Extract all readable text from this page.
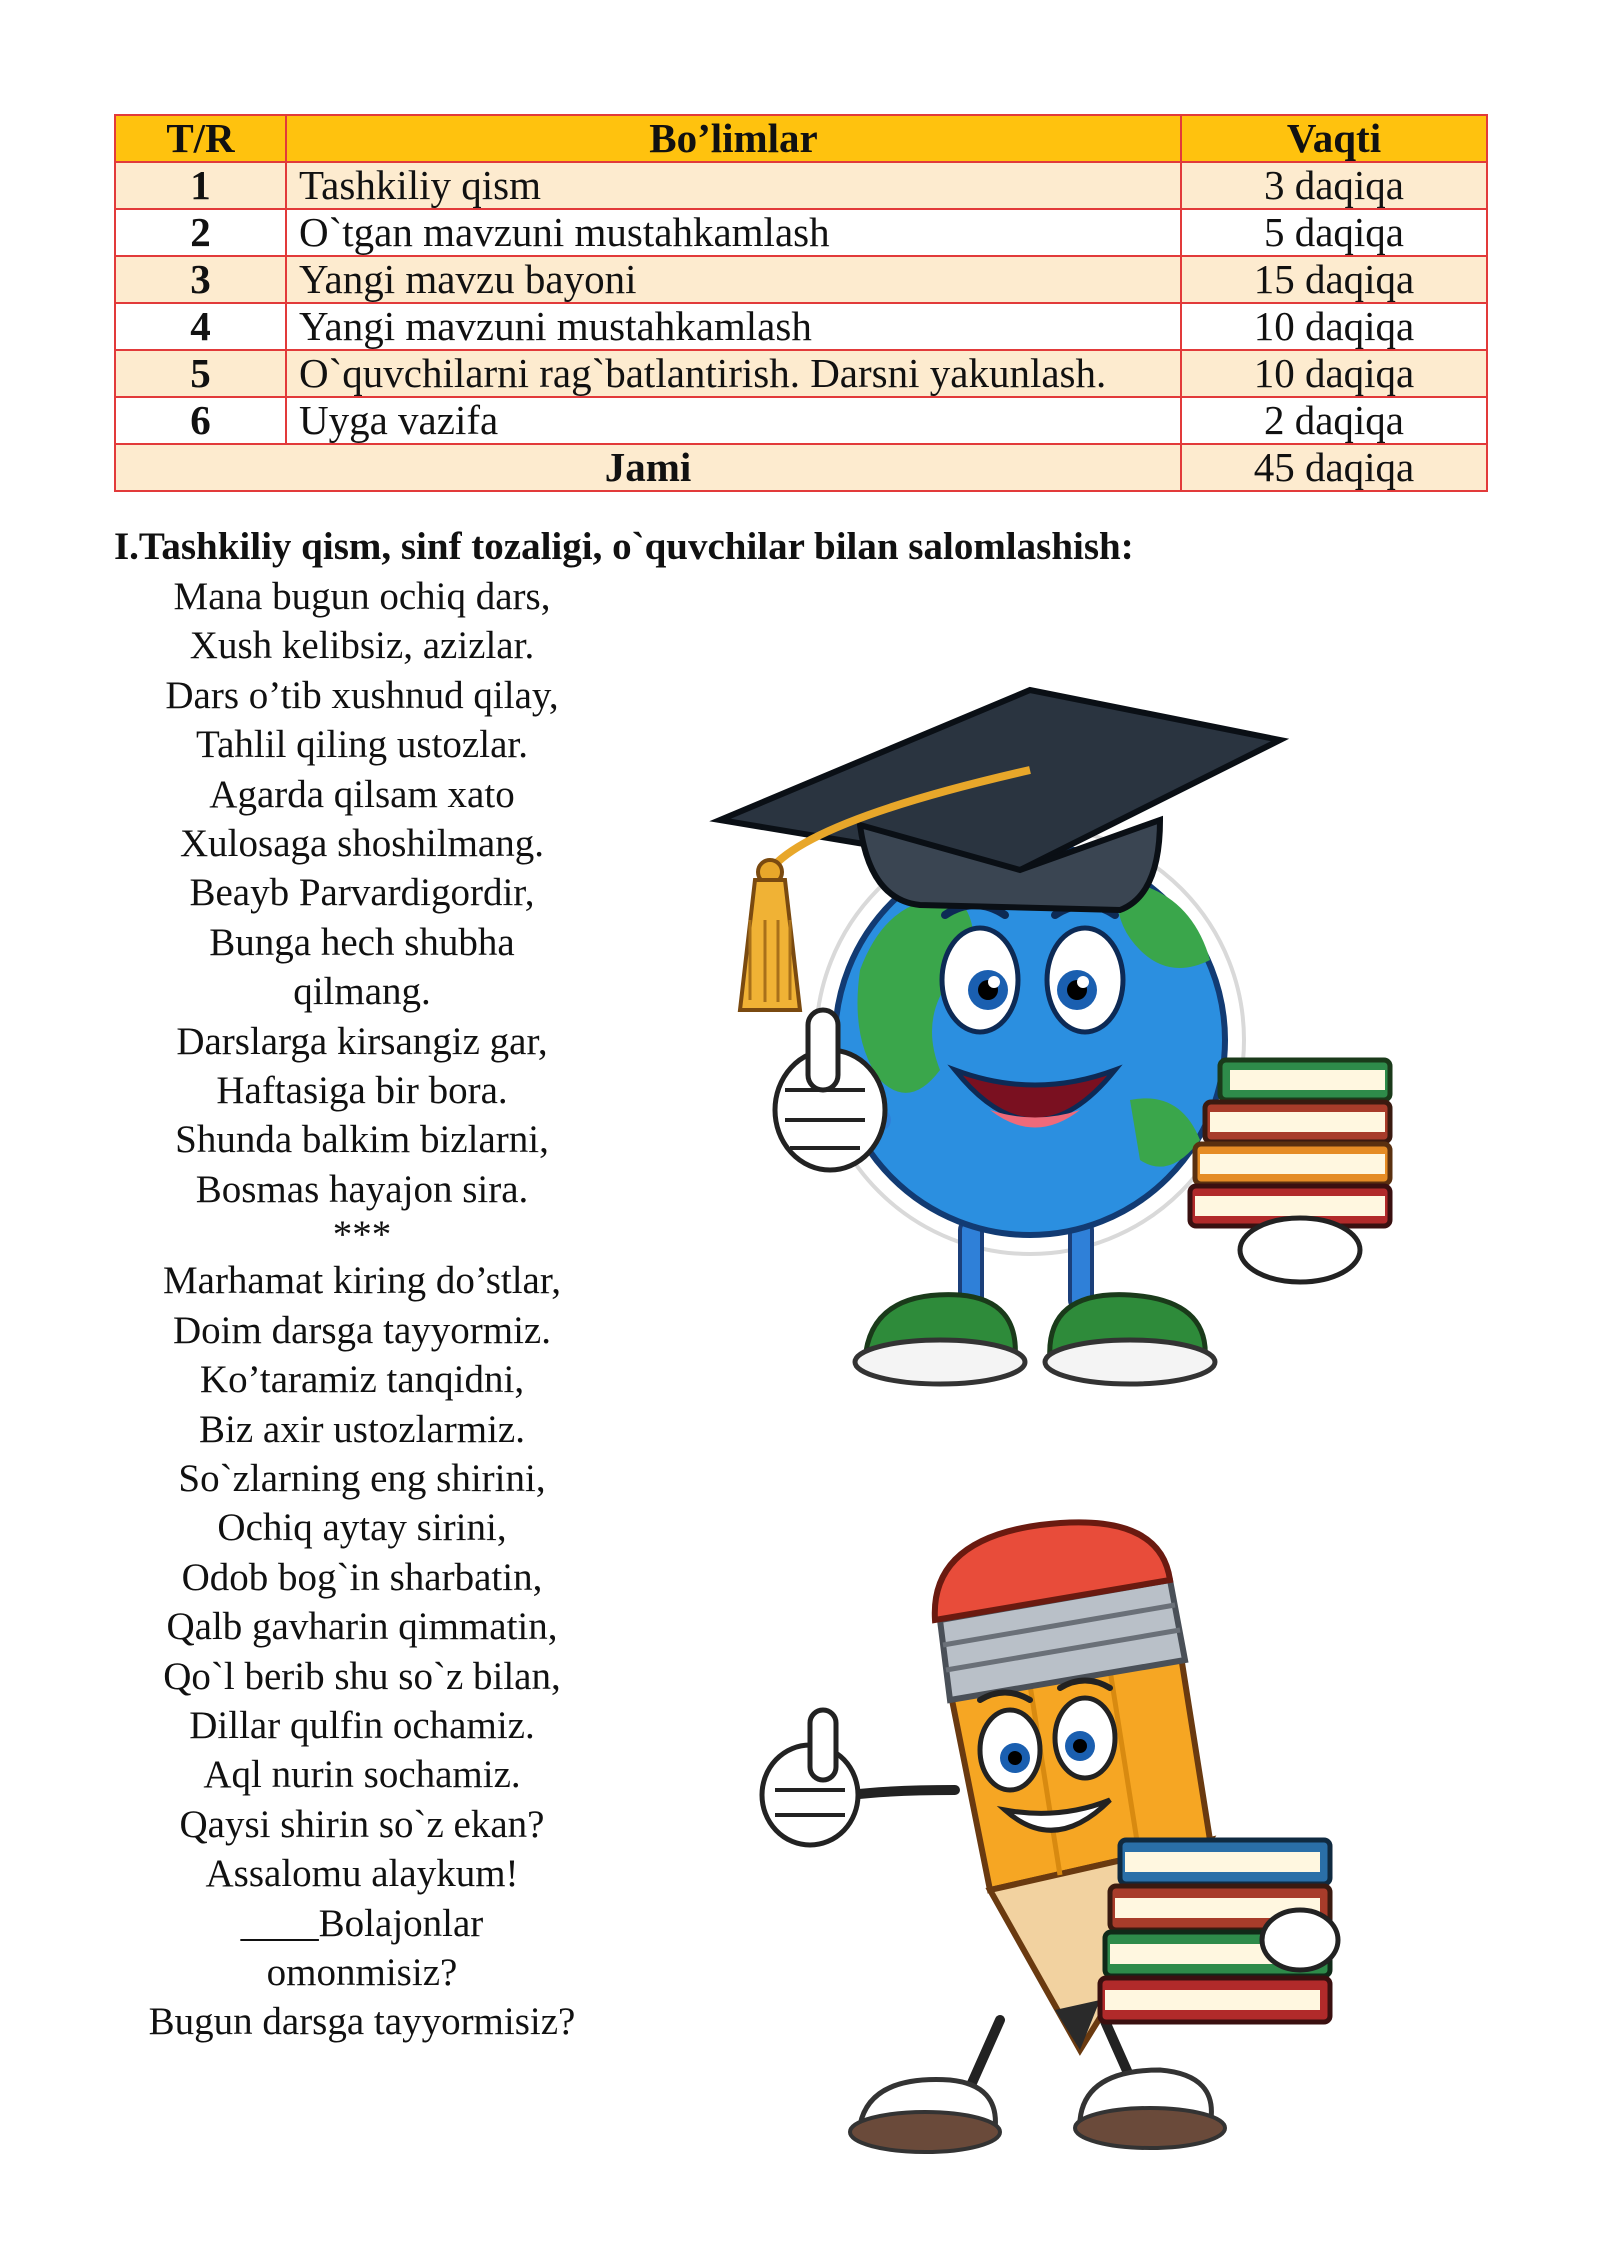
T/R	Bo’limlar	Vaqti
1	Tashkiliy qism	3 daqiqa
2	O`tgan mavzuni mustahkamlash	5 daqiqa
3	Yangi mavzu bayoni	15 daqiqa
4	Yangi mavzuni mustahkamlash	10 daqiqa
5	O`quvchilarni rag`batlantirish. Darsni yakunlash.	10 daqiqa
6	Uyga vazifa	2 daqiqa
Jami		45 daqiqa
I.Tashkiliy qism, sinf tozaligi, o`quvchilar bilan salomlashish:
Mana bugun ochiq dars,
Xush kelibsiz, azizlar.
Dars o’tib xushnud qilay,
Tahlil qiling ustozlar.
Agarda qilsam xato
Xulosaga shoshilmang.
Beayb Parvardigordir,
Bunga hech shubha
qilmang.
Darslarga kirsangiz gar,
Haftasiga bir bora.
Shunda balkim bizlarni,
Bosmas hayajon sira.
***
Marhamat kiring do’stlar,
Doim darsga tayyormiz.
Ko’taramiz tanqidni,
Biz axir ustozlarmiz.
So`zlarning eng shirini,
Ochiq aytay sirini,
Odob bog`in sharbatin,
Qalb gavharin qimmatin,
Qo`l berib shu so`z bilan,
Dillar qulfin ochamiz.
Aql nurin sochamiz.
Qaysi shirin so`z ekan?
Assalomu alaykum!
____Bolajonlar
omonmisiz?
Bugun darsga tayyormisiz?
